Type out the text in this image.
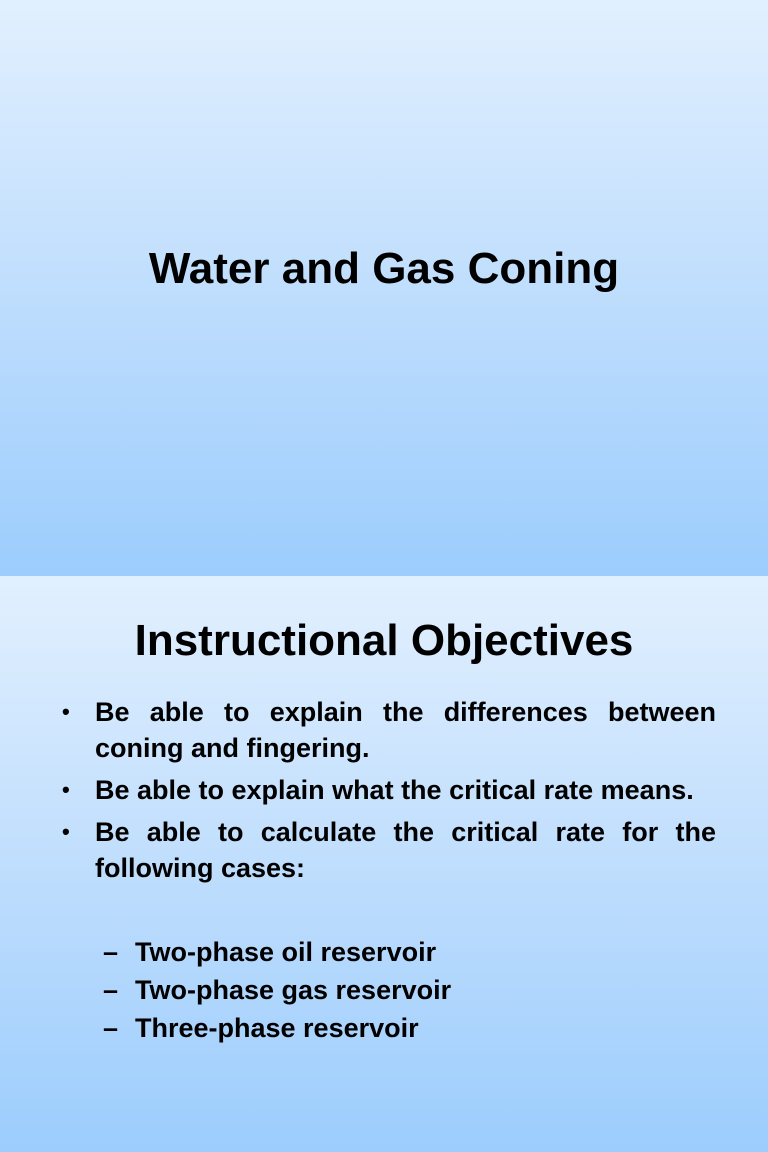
Water and Gas Coning
Instructional Objectives
• Be able to explain the differences between coning and fingering.
• Be able to explain what the critical rate means.
• Be able to calculate the critical rate for the following cases:
– Two-phase oil reservoir
– Two-phase gas reservoir
– Three-phase reservoir
